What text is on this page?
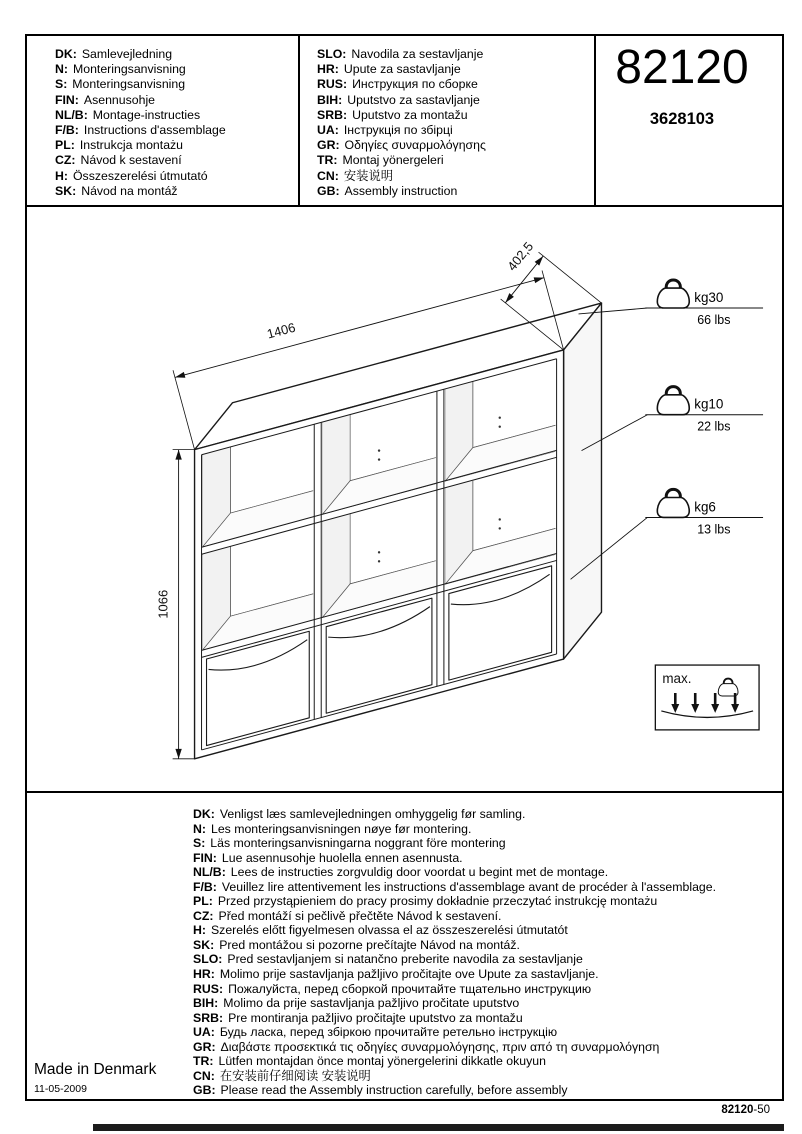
DK: Samlevejledning
N: Monteringsanvisning
S: Monteringsanvisning
FIN: Asennusohje
NL/B: Montage-instructies
F/B: Instructions d'assemblage
PL: Instrukcja montażu
CZ: Návod k sestavení
H: Összeszerelési útmutató
SK: Návod na montáž
SLO: Navodila za sestavljanje
HR: Upute za sastavljanje
RUS: Инструкция по сборке
BIH: Uputstvo za sastavljanje
SRB: Uputstvo za montažu
UA: Інструкція по збірці
GR: Οδηγίες συναρμολόγησης
TR: Montaj yönergeleri
CN: 安装说明
GB: Assembly instruction
82120
3628103
1066
1406
402,5
kg30
66 lbs
kg10
22 lbs
kg6
13 lbs
max.
DK: Venligst læs samlevejledningen omhyggelig før samling.
N: Les monteringsanvisningen nøye før montering.
S: Läs monteringsanvisningarna noggrant före montering
FIN: Lue asennusohje huolella ennen asennusta.
NL/B: Lees de instructies zorgvuldig door voordat u begint met de montage.
F/B: Veuillez lire attentivement les instructions d'assemblage avant de procéder à l'assemblage.
PL: Przed przystąpieniem do pracy prosimy dokładnie przeczytać instrukcję montażu
CZ: Před montáží si pečlivě přečtěte Návod k sestavení.
H: Szerelés előtt figyelmesen olvassa el az összeszerelési útmutatót
SK: Pred montážou si pozorne prečítajte Návod na montáž.
SLO: Pred sestavljanjem si natančno preberite navodila za sestavljanje
HR: Molimo prije sastavljanja pažljivo pročitajte ove Upute za sastavljanje.
RUS: Пожалуйста, перед сборкой прочитайте тщательно инструкцию
BIH: Molimo da prije sastavljanja pažljivo pročitate uputstvo
SRB: Pre montiranja pažljivo pročitajte uputstvo za montažu
UA: Будь ласка, перед збіркою прочитайте ретельно інструкцію
GR: Διαβάστε προσεκτικά τις οδηγίες συναρμολόγησης, πριν από τη συναρμολόγηση
TR: Lütfen montajdan önce montaj yönergelerini dikkatle okuyun
CN: 在安装前仔细阅读 安装说明
GB: Please read the Assembly instruction carefully, before assembly
Made in Denmark
11-05-2009
82120-50
